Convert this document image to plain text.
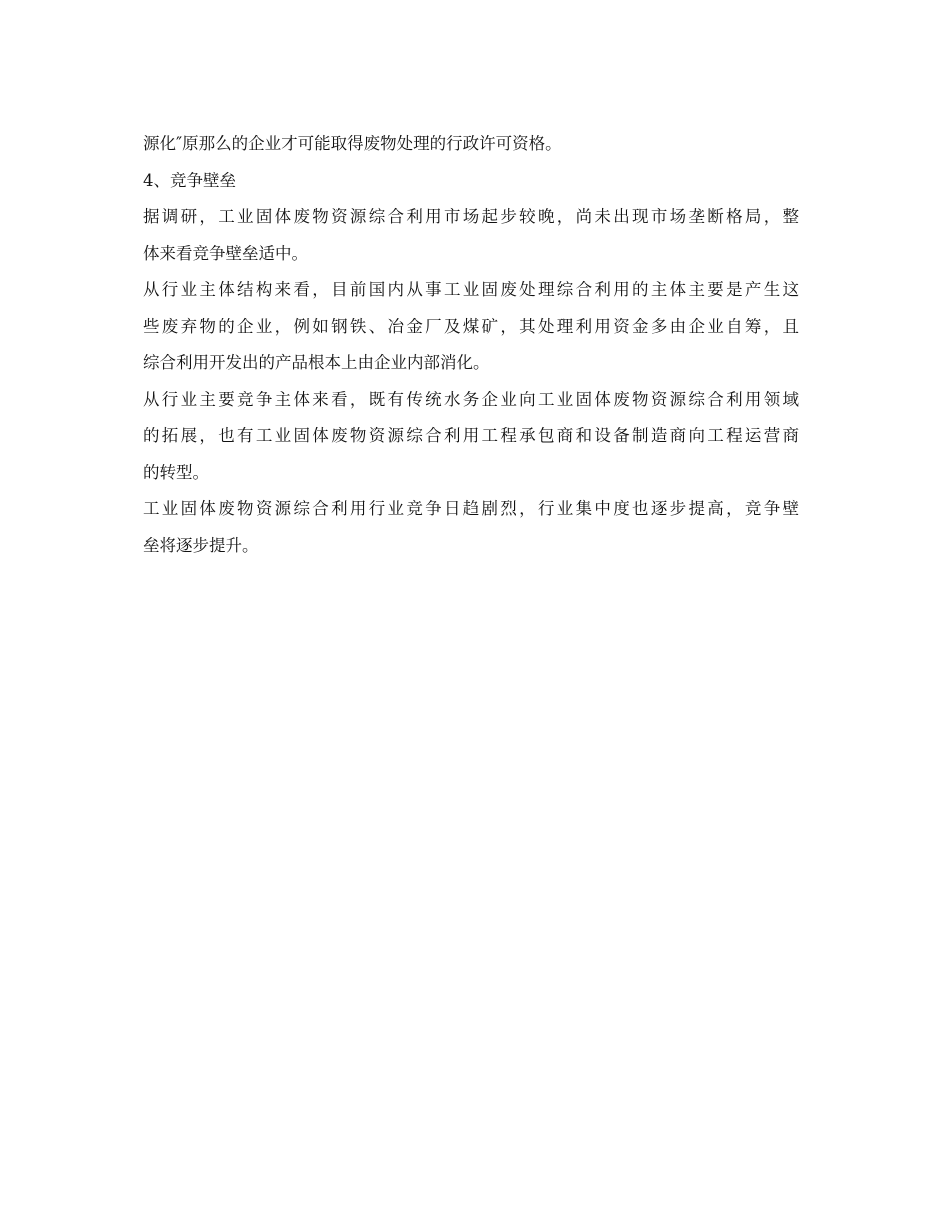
源化″原那么的企业才可能取得废物处理的行政许可资格。
4、竞争壁垒
据调研，工业固体废物资源综合利用市场起步较晚，尚未出现市场垄断格局，整
体来看竞争壁垒适中。
从行业主体结构来看，目前国内从事工业固废处理综合利用的主体主要是产生这
些废弃物的企业，例如钢铁、冶金厂及煤矿，其处理利用资金多由企业自筹，且
综合利用开发出的产品根本上由企业内部消化。
从行业主要竞争主体来看，既有传统水务企业向工业固体废物资源综合利用领域
的拓展，也有工业固体废物资源综合利用工程承包商和设备制造商向工程运营商
的转型。
工业固体废物资源综合利用行业竞争日趋剧烈，行业集中度也逐步提高，竞争壁
垒将逐步提升。
